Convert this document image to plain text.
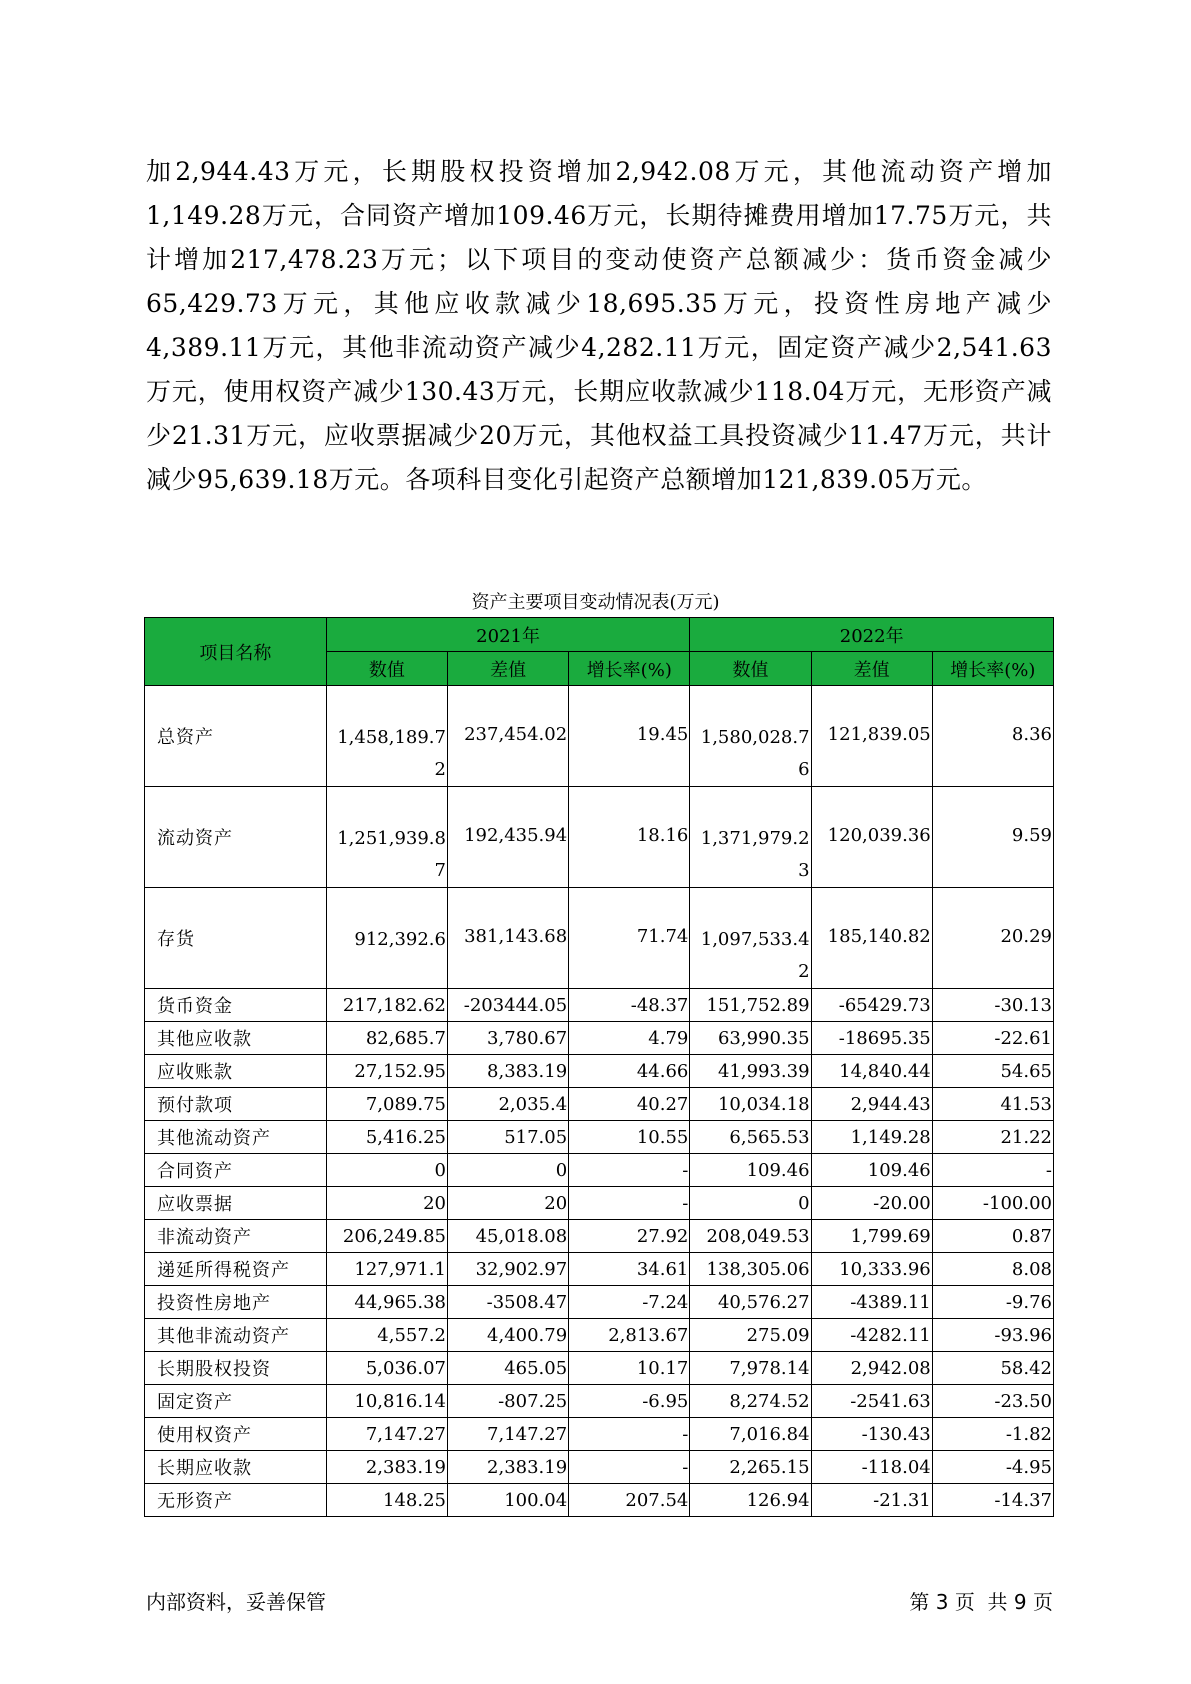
加2,944.43万元，长期股权投资增加2,942.08万元，其他流动资产增加1,149.28万元，合同资产增加109.46万元，长期待摊费用增加17.75万元，共计增加217,478.23万元；以下项目的变动使资产总额减少：货币资金减少65,429.73万元，其他应收款减少18,695.35万元，投资性房地产减少4,389.11万元，其他非流动资产减少4,282.11万元，固定资产减少2,541.63万元，使用权资产减少130.43万元，长期应收款减少118.04万元，无形资产减少21.31万元，应收票据减少20万元，其他权益工具投资减少11.47万元，共计减少95,639.18万元。各项科目变化引起资产总额增加121,839.05万元。

资产主要项目变动情况表(万元)
项目名称	2021年			2022年		
	数值	差值	增长率(%)	数值	差值	增长率(%)
总资产	1,458,189.72	237,454.02	19.45	1,580,028.76	121,839.05	8.36

流动资产	1,251,939.87	192,435.94	18.16	1,371,979.23	120,039.36	9.59

存货	912,392.6	381,143.68	71.74	1,097,533.42	185,140.82	20.29

货币资金	217,182.62	-203444.05	-48.37	151,752.89	-65429.73	-30.13
其他应收款	82,685.7	3,780.67	4.79	63,990.35	-18695.35	-22.61
应收账款	27,152.95	8,383.19	44.66	41,993.39	14,840.44	54.65
预付款项	7,089.75	2,035.4	40.27	10,034.18	2,944.43	41.53
其他流动资产	5,416.25	517.05	10.55	6,565.53	1,149.28	21.22
合同资产	0	0	-	109.46	109.46	-
应收票据	20	20	-	0	-20.00	-100.00
非流动资产	206,249.85	45,018.08	27.92	208,049.53	1,799.69	0.87
递延所得税资产	127,971.1	32,902.97	34.61	138,305.06	10,333.96	8.08
投资性房地产	44,965.38	-3508.47	-7.24	40,576.27	-4389.11	-9.76
其他非流动资产	4,557.2	4,400.79	2,813.67	275.09	-4282.11	-93.96
长期股权投资	5,036.07	465.05	10.17	7,978.14	2,942.08	58.42
固定资产	10,816.14	-807.25	-6.95	8,274.52	-2541.63	-23.50
使用权资产	7,147.27	7,147.27	-	7,016.84	-130.43	-1.82
长期应收款	2,383.19	2,383.19	-	2,265.15	-118.04	-4.95
无形资产	148.25	100.04	207.54	126.94	-21.31	-14.37
内部资料，妥善保管	第 3 页  共 9 页
